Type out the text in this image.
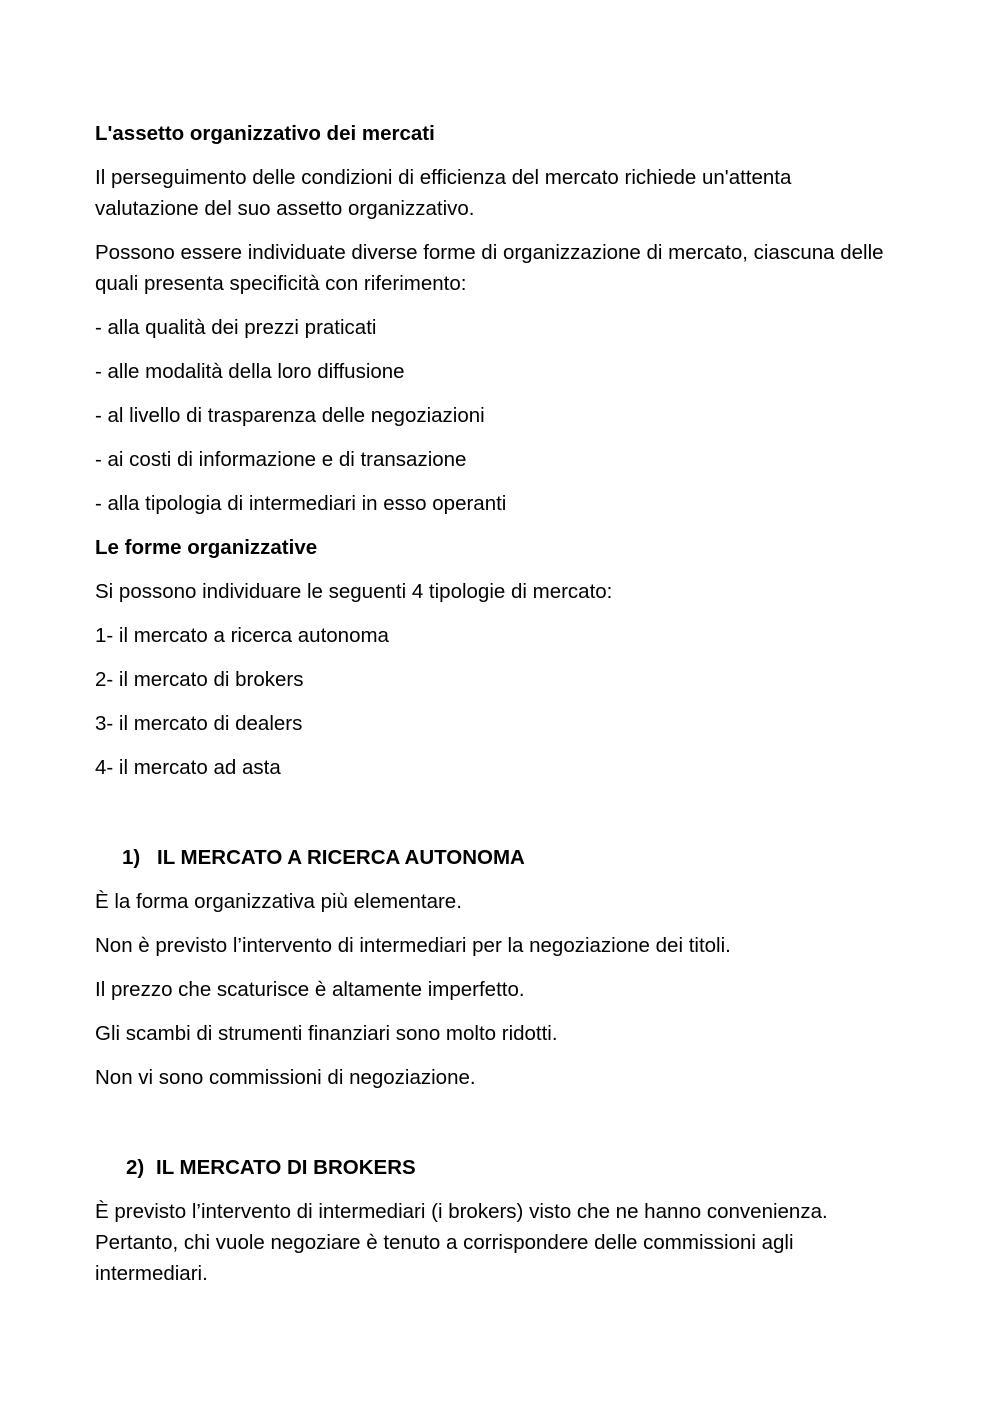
L'assetto organizzativo dei mercati

Il perseguimento delle condizioni di efficienza del mercato richiede un'attenta valutazione del suo assetto organizzativo.

Possono essere individuate diverse forme di organizzazione di mercato, ciascuna delle quali presenta specificità con riferimento:

- alla qualità dei prezzi praticati

- alle modalità della loro diffusione

- al livello di trasparenza delle negoziazioni

- ai costi di informazione e di transazione

- alla tipologia di intermediari in esso operanti

Le forme organizzative

Si possono individuare le seguenti 4 tipologie di mercato:

1- il mercato a ricerca autonoma

2- il mercato di brokers

3- il mercato di dealers

4- il mercato ad asta

1) IL MERCATO A RICERCA AUTONOMA

È la forma organizzativa più elementare.

Non è previsto l’intervento di intermediari per la negoziazione dei titoli.

Il prezzo che scaturisce è altamente imperfetto.

Gli scambi di strumenti finanziari sono molto ridotti.

Non vi sono commissioni di negoziazione.

2) IL MERCATO DI BROKERS

È previsto l’intervento di intermediari (i brokers) visto che ne hanno convenienza. Pertanto, chi vuole negoziare è tenuto a corrispondere delle commissioni agli intermediari.
